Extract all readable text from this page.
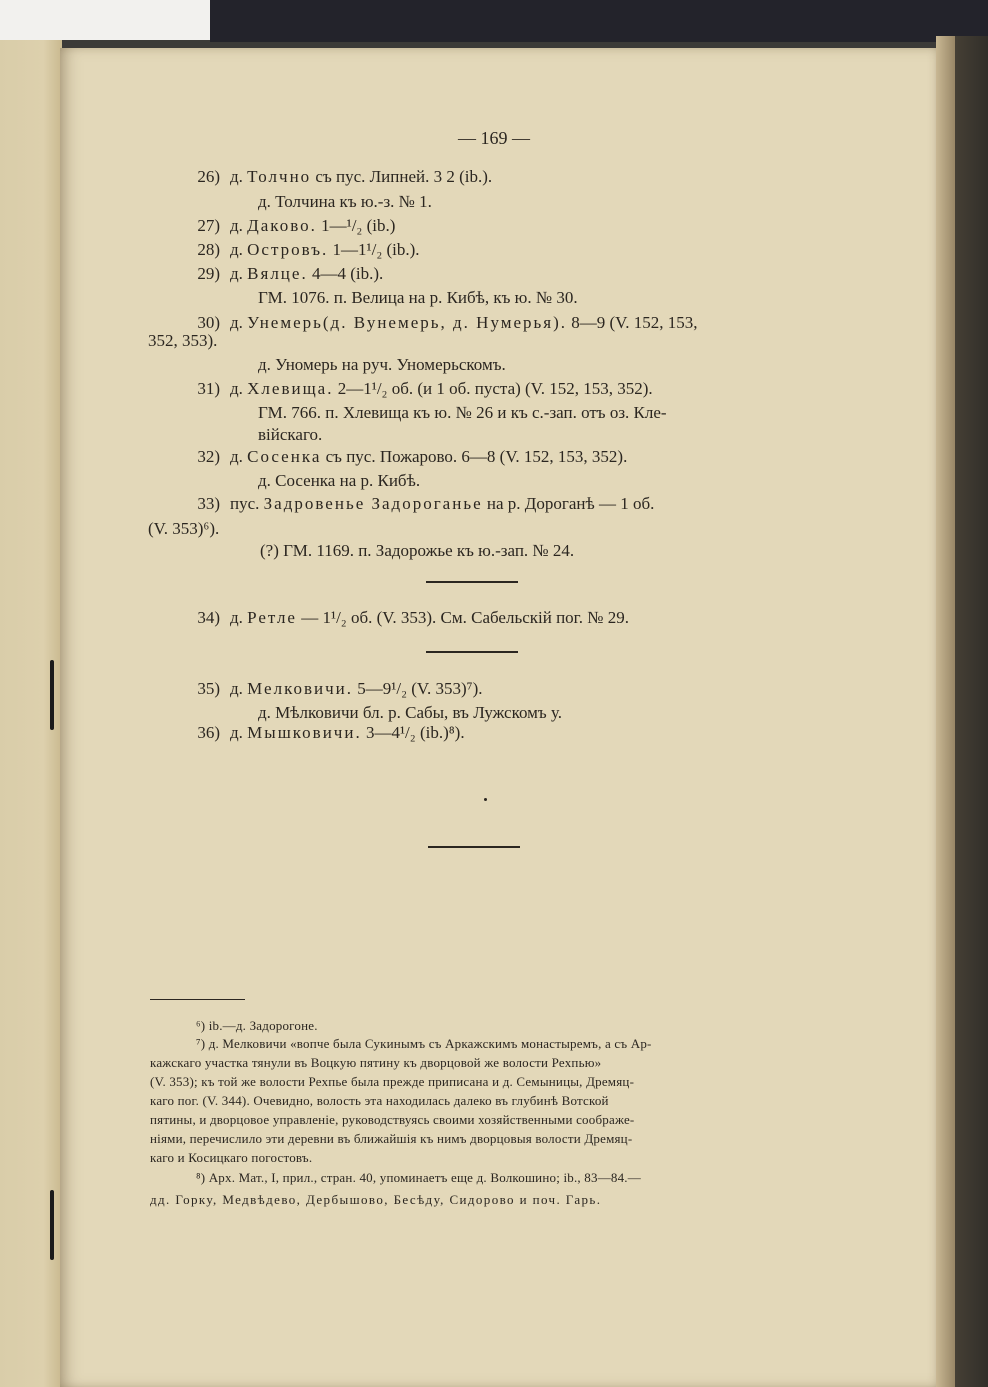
— 169 —
26) д. Толчно съ пус. Липней. 3 2 (ib.).
д. Толчина къ ю.-з. № 1.
27) д. Даково. 1—¹/₂ (ib.)
28) д. Островъ. 1—1¹/₂ (ib.).
29) д. Вялце. 4—4 (ib.).
ГМ. 1076. п. Велица на р. Кибѣ, къ ю. № 30.
30) д. Унемерь(д. Вунемерь, д. Нумерья). 8—9 (V. 152, 153,
352, 353).
д. Уномерь на руч. Уномерьскомъ.
31) д. Хлевища. 2—1¹/₂ об. (и 1 об. пуста) (V. 152, 153, 352).
ГМ. 766. п. Хлевища къ ю. № 26 и къ с.-зап. отъ оз. Кле-
війскаго.
32) д. Сосенка съ пус. Пожарово. 6—8 (V. 152, 153, 352).
д. Сосенка на р. Кибѣ.
33) пус. Задровенье Задороганье на р. Дороганѣ — 1 об.
(V. 353)⁶).
(?) ГМ. 1169. п. Задорожье къ ю.-зап. № 24.
34) д. Ретле — 1¹/₂ об. (V. 353). См. Сабельскій пог. № 29.
35) д. Мелковичи. 5—9¹/₂ (V. 353)⁷).
д. Мѣлковичи бл. р. Сабы, въ Лужскомъ у.
36) д. Мышковичи. 3—4¹/₂ (ib.)⁸).
⁶) ib.—д. Задорогоне.
⁷) д. Мелковичи «вопче была Сукинымъ съ Аркажскимъ монастыремъ, а съ Ар-
кажскаго участка тянули въ Воцкую пятину къ дворцовой же волости Рехпью»
(V. 353); къ той же волости Рехпье была прежде приписана и д. Семыницы, Дремяц-
каго пог. (V. 344). Очевидно, волость эта находилась далеко въ глубинѣ Вотской
пятины, и дворцовое управленіе, руководствуясь своими хозяйственными соображе-
ніями, перечислило эти деревни въ ближайшія къ нимъ дворцовыя волости Дремяц-
каго и Косицкаго погостовъ.
⁸) Арх. Мат., I, прил., стран. 40, упоминаетъ еще д. Волкошино; ib., 83—84.—
дд. Горку, Медвѣдево, Дербышово, Бесѣду, Сидорово и поч. Гарь.
